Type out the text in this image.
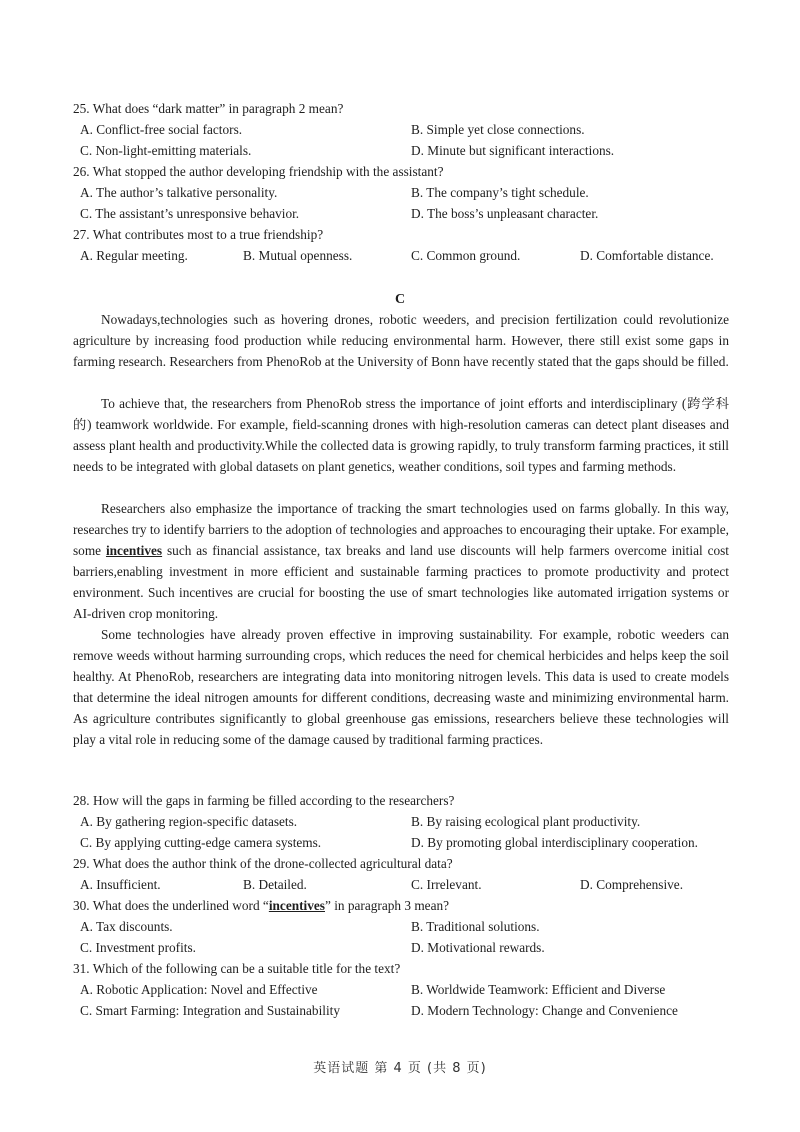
25. What does “dark matter” in paragraph 2 mean?
A. Conflict-free social factors.	B. Simple yet close connections.
C. Non-light-emitting materials.	D. Minute but significant interactions.
26. What stopped the author developing friendship with the assistant?
A. The author’s talkative personality.	B. The company’s tight schedule.
C. The assistant’s unresponsive behavior.	D. The boss’s unpleasant character.
27. What contributes most to a true friendship?
A. Regular meeting.	B. Mutual openness.	C. Common ground.	D. Comfortable distance.
C
Nowadays,technologies such as hovering drones, robotic weeders, and precision fertilization could revolutionize agriculture by increasing food production while reducing environmental harm. However, there still exist some gaps in farming research. Researchers from PhenoRob at the University of Bonn have recently stated that the gaps should be filled.
To achieve that, the researchers from PhenoRob stress the importance of joint efforts and interdisciplinary (跨学科的) teamwork worldwide. For example, field-scanning drones with high-resolution cameras can detect plant diseases and assess plant health and productivity.While the collected data is growing rapidly, to truly transform farming practices, it still needs to be integrated with global datasets on plant genetics, weather conditions, soil types and farming methods.
Researchers also emphasize the importance of tracking the smart technologies used on farms globally. In this way, researches try to identify barriers to the adoption of technologies and approaches to encouraging their uptake. For example, some incentives such as financial assistance, tax breaks and land use discounts will help farmers overcome initial cost barriers,enabling investment in more efficient and sustainable farming practices to promote productivity and protect environment. Such incentives are crucial for boosting the use of smart technologies like automated irrigation systems or AI-driven crop monitoring.
Some technologies have already proven effective in improving sustainability. For example, robotic weeders can remove weeds without harming surrounding crops, which reduces the need for chemical herbicides and helps keep the soil healthy. At PhenoRob, researchers are integrating data into monitoring nitrogen levels. This data is used to create models that determine the ideal nitrogen amounts for different conditions, decreasing waste and minimizing environmental harm. As agriculture contributes significantly to global greenhouse gas emissions, researchers believe these technologies will play a vital role in reducing some of the damage caused by traditional farming practices.
28. How will the gaps in farming be filled according to the researchers?
A. By gathering region-specific datasets.	B. By raising ecological plant productivity.
C. By applying cutting-edge camera systems.	D. By promoting global interdisciplinary cooperation.
29. What does the author think of the drone-collected agricultural data?
A. Insufficient.	B. Detailed.	C. Irrelevant.	D. Comprehensive.
30. What does the underlined word “incentives” in paragraph 3 mean?
A. Tax discounts.	B. Traditional solutions.
C. Investment profits.	D. Motivational rewards.
31. Which of the following can be a suitable title for the text?
A. Robotic Application: Novel and Effective	B. Worldwide Teamwork: Efficient and Diverse
C. Smart Farming: Integration and Sustainability	D. Modern Technology: Change and Convenience
英语试题 第 4 页 (共 8 页)
